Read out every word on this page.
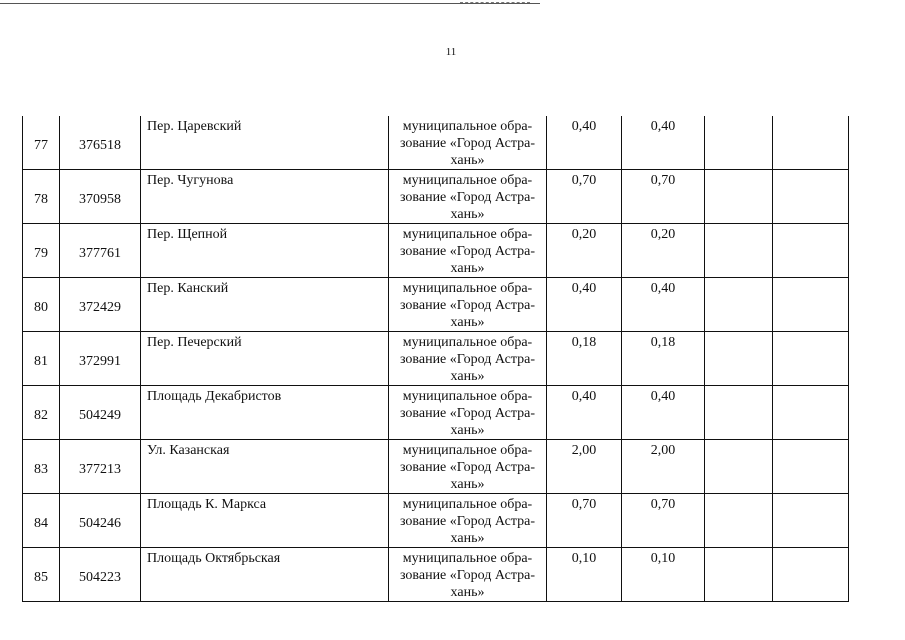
11
77	376518	Пер. Царевский	муниципальное обра-
зование «Город Астра-
хань»	0,40	0,40		
78	370958	Пер. Чугунова	муниципальное обра-
зование «Город Астра-
хань»	0,70	0,70		
79	377761	Пер. Щепной	муниципальное обра-
зование «Город Астра-
хань»	0,20	0,20		
80	372429	Пер. Канский	муниципальное обра-
зование «Город Астра-
хань»	0,40	0,40		
81	372991	Пер. Печерский	муниципальное обра-
зование «Город Астра-
хань»	0,18	0,18		
82	504249	Площадь Декабристов	муниципальное обра-
зование «Город Астра-
хань»	0,40	0,40		
83	377213	Ул. Казанская	муниципальное обра-
зование «Город Астра-
хань»	2,00	2,00		
84	504246	Площадь К. Маркса	муниципальное обра-
зование «Город Астра-
хань»	0,70	0,70		
85	504223	Площадь Октябрьская	муниципальное обра-
зование «Город Астра-
хань»	0,10	0,10		
